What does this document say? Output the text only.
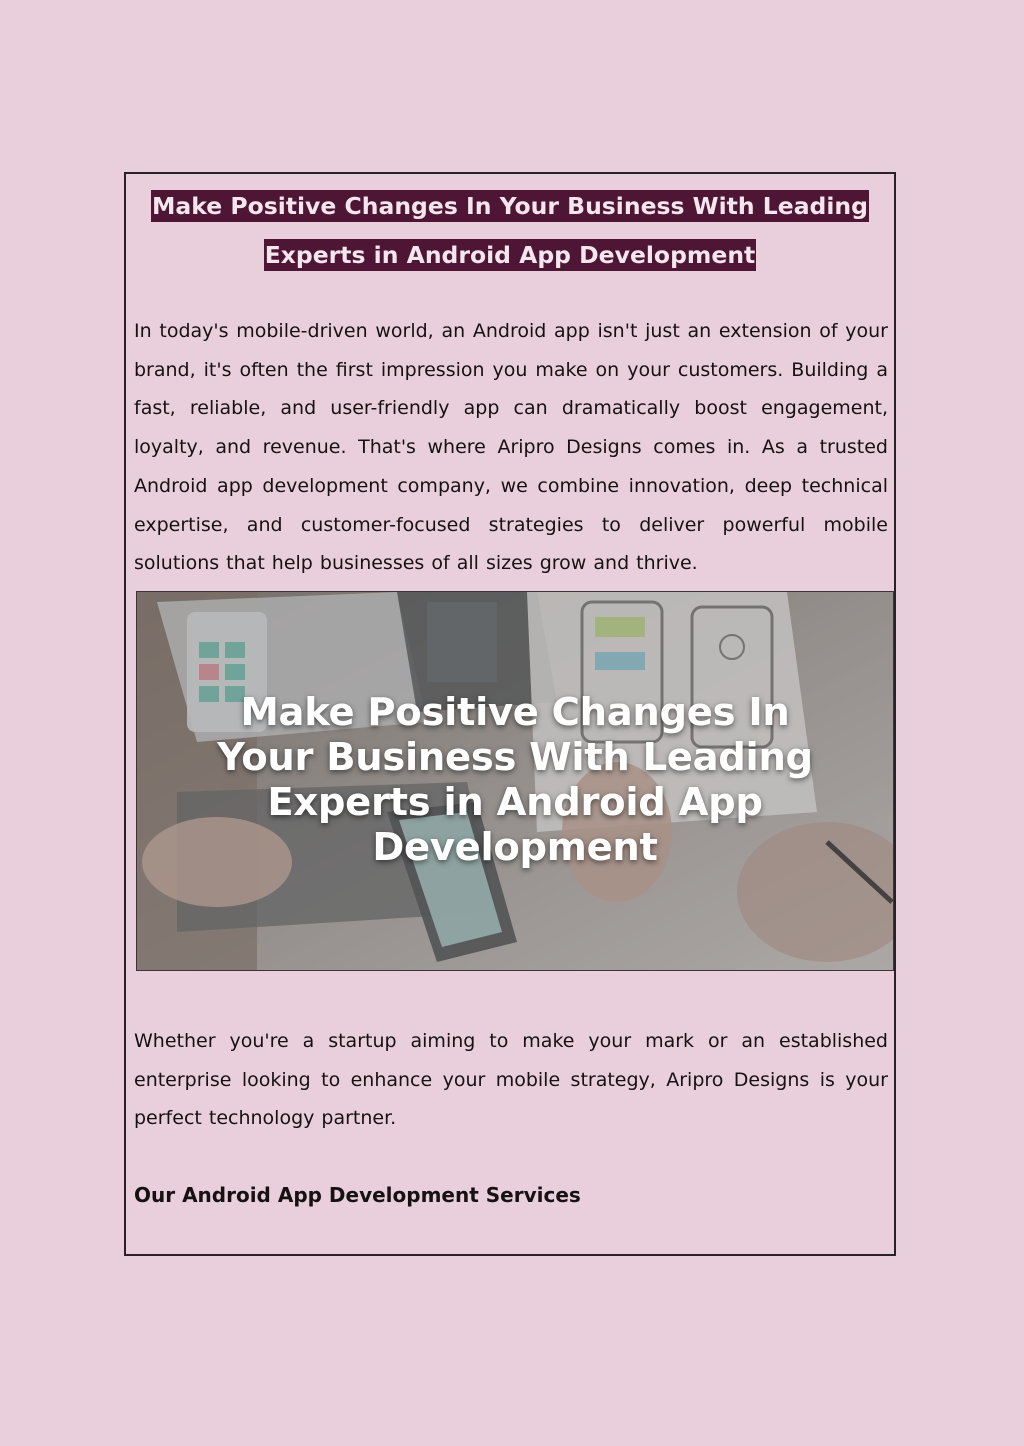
Make Positive Changes In Your Business With Leading
Experts in Android App Development

In today's mobile-driven world, an Android app isn't just an extension of your brand, it's often the first impression you make on your customers. Building a fast, reliable, and user-friendly app can dramatically boost engagement, loyalty, and revenue. That's where Aripro Designs comes in. As a trusted Android app development company, we combine innovation, deep technical expertise, and customer-focused strategies to deliver powerful mobile solutions that help businesses of all sizes grow and thrive.

Whether you're a startup aiming to make your mark or an established enterprise looking to enhance your mobile strategy, Aripro Designs is your perfect technology partner.

Our Android App Development Services
Make Positive Changes In
Your Business With Leading
Experts in Android App
Development
